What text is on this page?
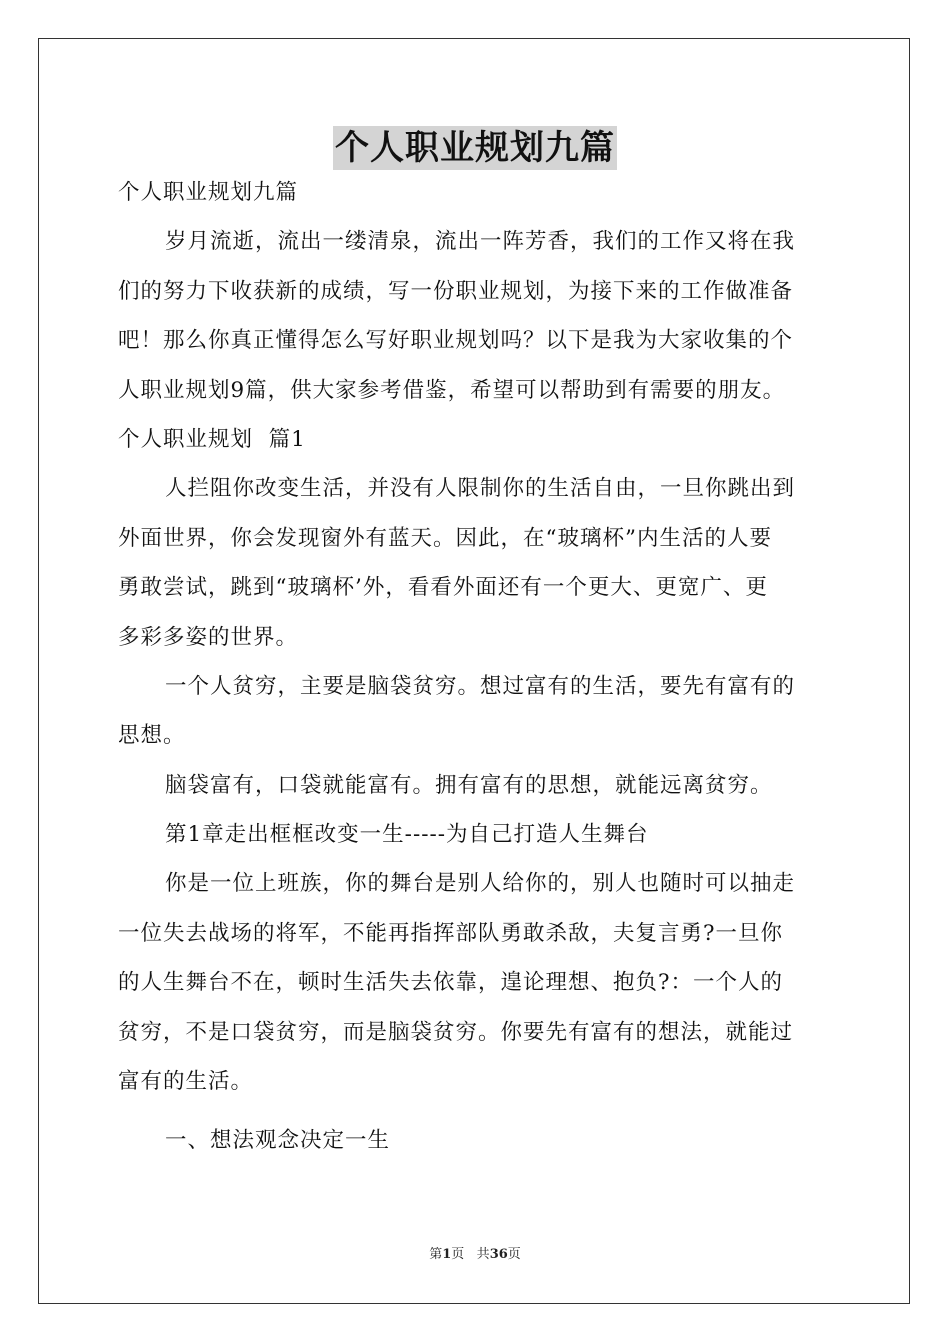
个人职业规划九篇

个人职业规划九篇

岁月流逝，流出一缕清泉，流出一阵芳香，我们的工作又将在我

们的努力下收获新的成绩，写一份职业规划，为接下来的工作做准备

吧！那么你真正懂得怎么写好职业规划吗？以下是我为大家收集的个

人职业规划9篇，供大家参考借鉴，希望可以帮助到有需要的朋友。

个人职业规划  篇1

人拦阻你改变生活，并没有人限制你的生活自由，一旦你跳出到

外面世界，你会发现窗外有蓝天。因此，在“玻璃杯”内生活的人要

勇敢尝试，跳到“玻璃杯’外，看看外面还有一个更大、更宽广、更

多彩多姿的世界。

一个人贫穷，主要是脑袋贫穷。想过富有的生活，要先有富有的

思想。

脑袋富有，口袋就能富有。拥有富有的思想，就能远离贫穷。

第1章走出框框改变一生-----为自己打造人生舞台

你是一位上班族，你的舞台是别人给你的，别人也随时可以抽走

一位失去战场的将军，不能再指挥部队勇敢杀敌，夫复言勇?一旦你

的人生舞台不在，顿时生活失去依靠，遑论理想、抱负?：一个人的

贫穷，不是口袋贫穷，而是脑袋贫穷。你要先有富有的想法，就能过

富有的生活。

一、想法观念决定一生

第1页 共36页
